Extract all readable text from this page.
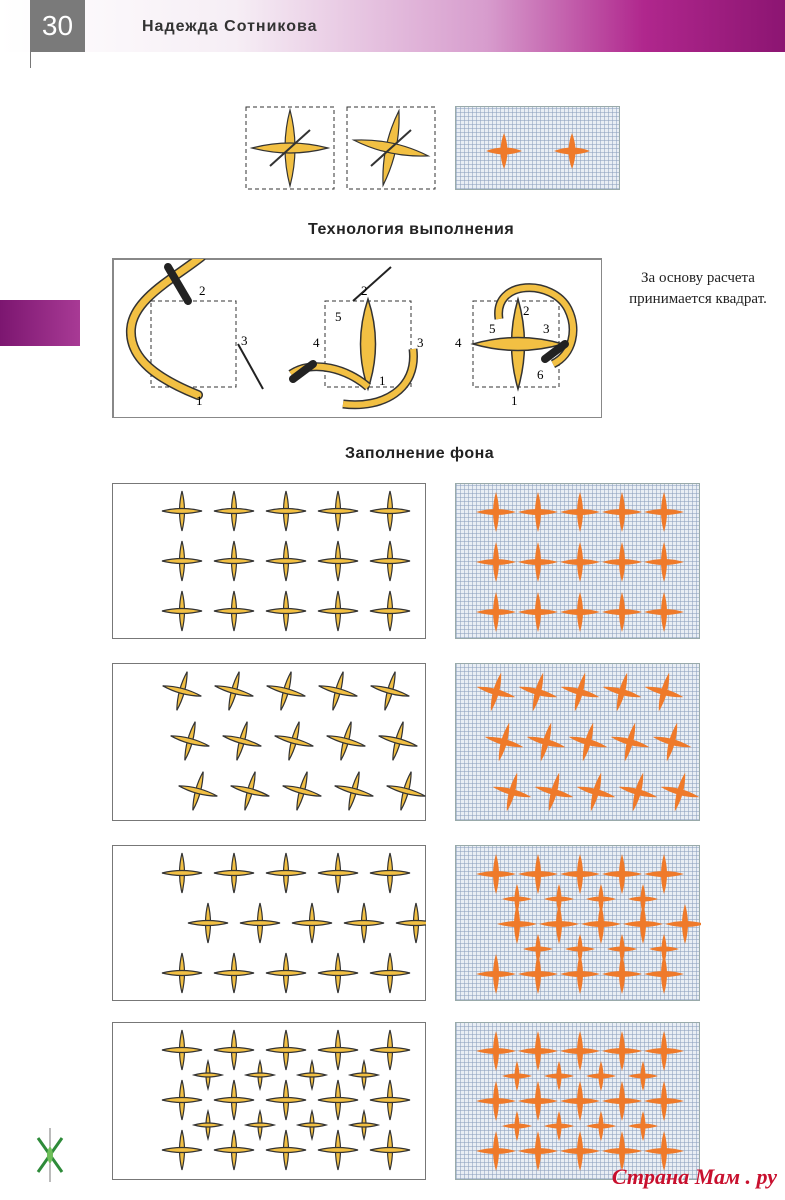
30	Надежда Сотникова
Технология выполнения
2
3
1
2
5
4
1
3
2
5	3
4
6
1
За основу расчета принимается квадрат.
Заполнение фона
Страна Мам . ру
